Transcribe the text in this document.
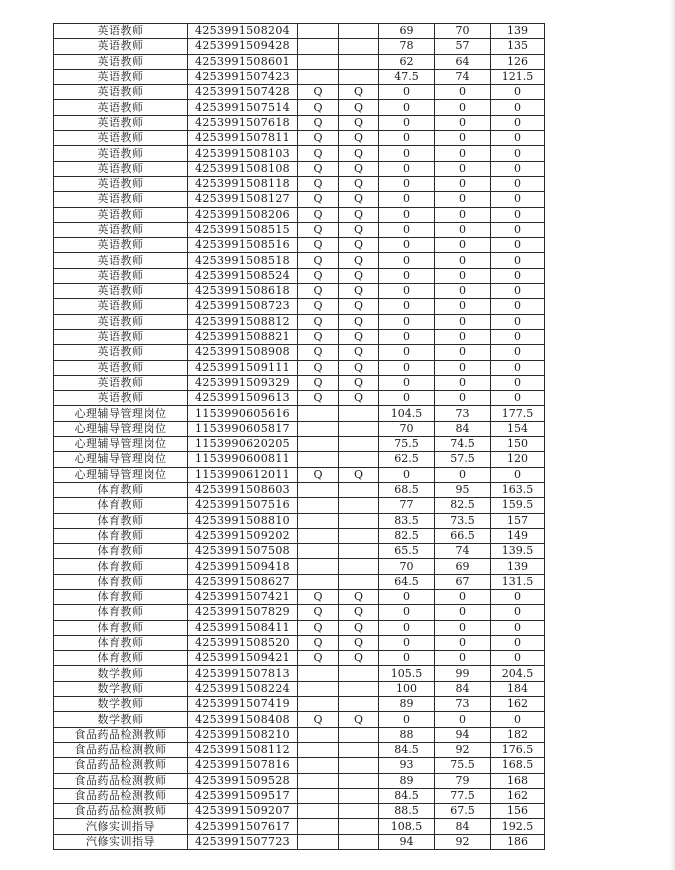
英语教师	4253991508204			69	70	139
英语教师	4253991509428			78	57	135
英语教师	4253991508601			62	64	126
英语教师	4253991507423			47.5	74	121.5
英语教师	4253991507428	Q	Q	0	0	0
英语教师	4253991507514	Q	Q	0	0	0
英语教师	4253991507618	Q	Q	0	0	0
英语教师	4253991507811	Q	Q	0	0	0
英语教师	4253991508103	Q	Q	0	0	0
英语教师	4253991508108	Q	Q	0	0	0
英语教师	4253991508118	Q	Q	0	0	0
英语教师	4253991508127	Q	Q	0	0	0
英语教师	4253991508206	Q	Q	0	0	0
英语教师	4253991508515	Q	Q	0	0	0
英语教师	4253991508516	Q	Q	0	0	0
英语教师	4253991508518	Q	Q	0	0	0
英语教师	4253991508524	Q	Q	0	0	0
英语教师	4253991508618	Q	Q	0	0	0
英语教师	4253991508723	Q	Q	0	0	0
英语教师	4253991508812	Q	Q	0	0	0
英语教师	4253991508821	Q	Q	0	0	0
英语教师	4253991508908	Q	Q	0	0	0
英语教师	4253991509111	Q	Q	0	0	0
英语教师	4253991509329	Q	Q	0	0	0
英语教师	4253991509613	Q	Q	0	0	0
心理辅导管理岗位	1153990605616			104.5	73	177.5
心理辅导管理岗位	1153990605817			70	84	154
心理辅导管理岗位	1153990620205			75.5	74.5	150
心理辅导管理岗位	1153990600811			62.5	57.5	120
心理辅导管理岗位	1153990612011	Q	Q	0	0	0
体育教师	4253991508603			68.5	95	163.5
体育教师	4253991507516			77	82.5	159.5
体育教师	4253991508810			83.5	73.5	157
体育教师	4253991509202			82.5	66.5	149
体育教师	4253991507508			65.5	74	139.5
体育教师	4253991509418			70	69	139
体育教师	4253991508627			64.5	67	131.5
体育教师	4253991507421	Q	Q	0	0	0
体育教师	4253991507829	Q	Q	0	0	0
体育教师	4253991508411	Q	Q	0	0	0
体育教师	4253991508520	Q	Q	0	0	0
体育教师	4253991509421	Q	Q	0	0	0
数学教师	4253991507813			105.5	99	204.5
数学教师	4253991508224			100	84	184
数学教师	4253991507419			89	73	162
数学教师	4253991508408	Q	Q	0	0	0
食品药品检测教师	4253991508210			88	94	182
食品药品检测教师	4253991508112			84.5	92	176.5
食品药品检测教师	4253991507816			93	75.5	168.5
食品药品检测教师	4253991509528			89	79	168
食品药品检测教师	4253991509517			84.5	77.5	162
食品药品检测教师	4253991509207			88.5	67.5	156
汽修实训指导	4253991507617			108.5	84	192.5
汽修实训指导	4253991507723			94	92	186
